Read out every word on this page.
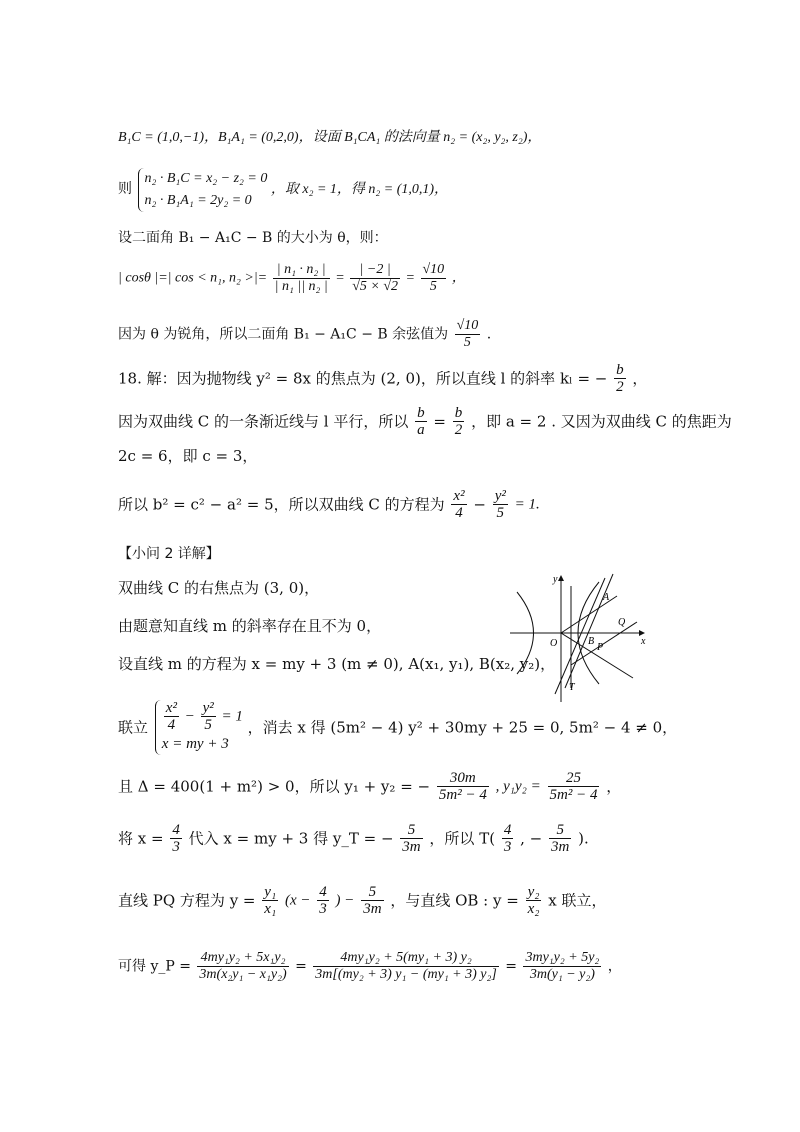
B₁C = (1,0,−1)，B₁A₁ = (0,2,0)，设面 B₁CA₁ 的法向量 n₂ = (x₂, y₂, z₂)，
则
n₂ · B₁C = x₂ − z₂ = 0
n₂ · B₁A₁ = 2y₂ = 0
，取 x₂ = 1，得 n₂ = (1,0,1)，
设二面角 B₁ − A₁C − B 的大小为 θ，则：
| cosθ |=| cos < n₁, n₂ >|= $\frac{\text{| n₁ · n₂ |}}{\text{| n₁ || n₂ |}} = \frac{| -2 |}{√5 \times √2} = \frac{√10}{5}$ ，
因为 θ 为锐角，所以二面角 B₁ − A₁C − B 余弦值为 $\frac{√10}{5}$ .
18. 解：因为抛物线 y² = 8x 的焦点为 (2, 0)，所以直线 l 的斜率 kₗ = − $\frac{b}{2}$ ，
因为双曲线 C 的一条渐近线与 l 平行，所以 $\frac{b}{a} = \frac{b}{2}$ ，即 a = 2 . 又因为双曲线 C 的焦距为
2c = 6，即 c = 3，
所以 b² = c² − a² = 5，所以双曲线 C 的方程为 $\frac{\text{x²}}{4} - \frac{\text{y²}}{5} = 1$.
【小问 2 详解】
双曲线 C 的右焦点为 (3, 0)，
由题意知直线 m 的斜率存在且不为 0，
设直线 m 的方程为 x = my + 3 (m ≠ 0), A(x₁, y₁), B(x₂, y₂)，
联立 $\frac{\text{x²}}{4} - \frac{\text{y²}}{5} = 1$
x = my + 3
，消去 x 得 (5m² − 4) y² + 30my + 25 = 0, 5m² − 4 ≠ 0，
且 Δ = 400(1 + m²) > 0，所以 y₁ + y₂ = − $\frac{30m}{\text{5m² − 4}}$ , $y_1y_2 = \frac{25}{\text{5m² − 4}}$ ，
将 $x = \frac{4}{3}$ 代入 x = my + 3 得 y_T = − $\frac{5}{3m}$ ，所以 $T( \frac{4}{3}$ , − $\frac{5}{3m}$ ).
直线 PQ 方程为 $y = \frac{\text{y₁}}{\text{x₁}} (x - \frac{4}{3}$ ) − $\frac{5}{3m}$ ，与直线 OB : $y = \frac{\text{y₂}}{\text{x₂}}$ x 联立，
可得 y_P = $\frac{\text{4my₁y₂ + 5x₁y₂}}{\text{3m(x₂y₁ − x₁y₂)}} = \frac{\text{4my₁y₂ + 5(my₁ + 3) y₂}}{\text{3m[(my₂ + 3) y₁ − (my₁ + 3) y₂]}} = \frac{\text{3my₁y₂ + 5y₂}}{\text{3m(y₁ − y₂)}}$ ，
y
x
O
A
Q
B
P
T
